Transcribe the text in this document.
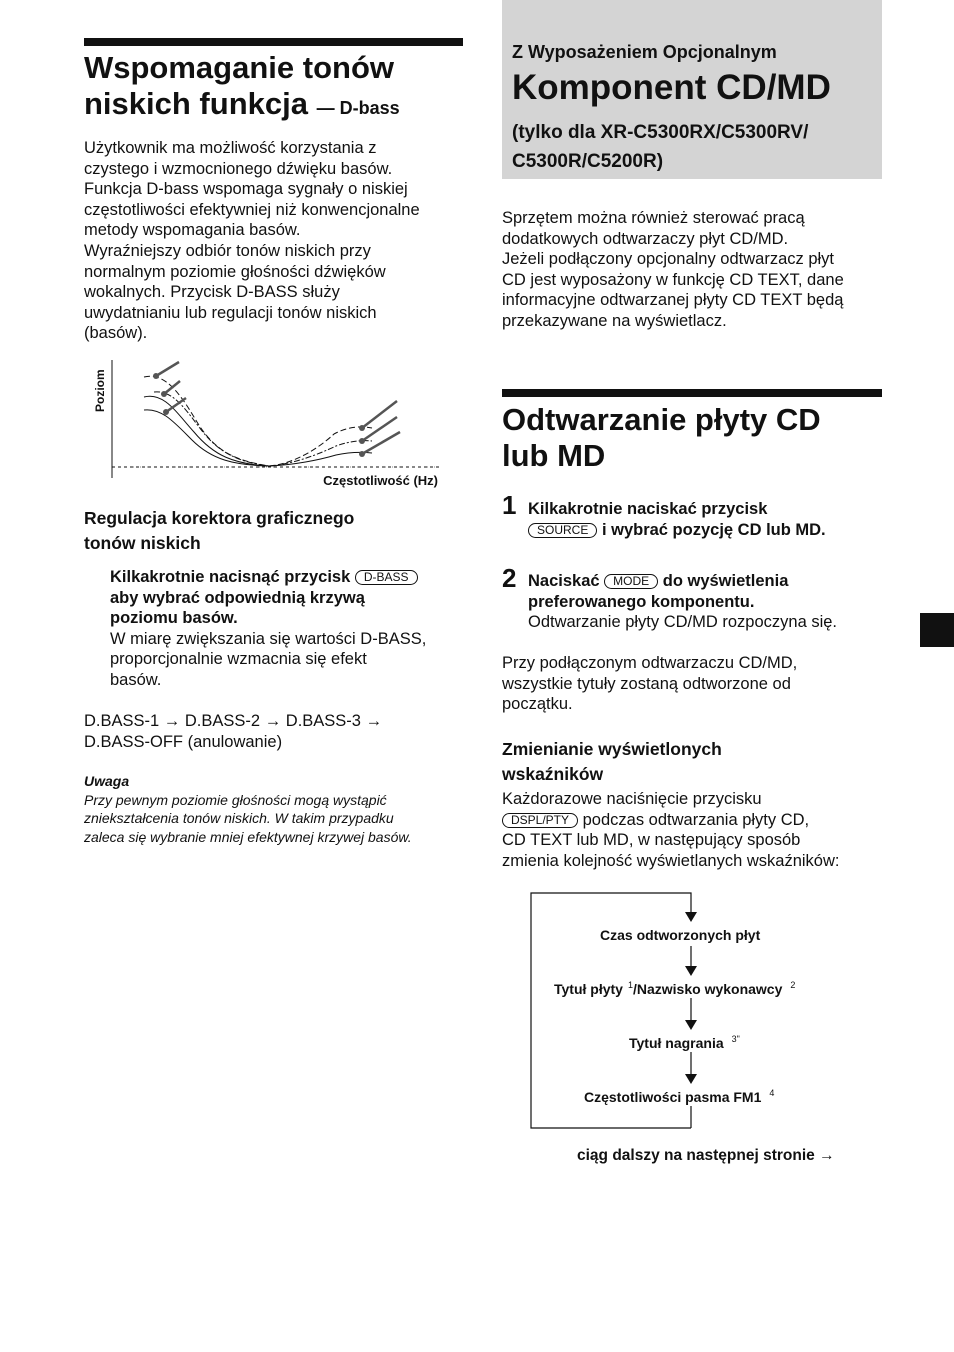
Wspomaganie tonów
niskich funkcja — D-bass
Użytkownik ma możliwość korzystania z
czystego i wzmocnionego dźwięku basów.
Funkcja D-bass wspomaga sygnały o niskiej
częstotliwości efektywniej niż konwencjonalne
metody wspomagania basów.
Wyraźniejszy odbiór tonów niskich przy
normalnym poziomie głośności dźwięków
wokalnych. Przycisk D-BASS służy
uwydatnianiu lub regulacji tonów niskich
(basów).
Poziom
Częstotliwość (Hz)
Regulacja korektora graficznego
tonów niskich
Kilkakrotnie nacisnąć przycisk D-BASS
aby wybrać odpowiednią krzywą
poziomu basów.
W miarę zwiększania się wartości D-BASS,
proporcjonalnie wzmacnia się efekt
basów.
D.BASS-1 → D.BASS-2 → D.BASS-3 →
D.BASS-OFF (anulowanie)
Uwaga
Przy pewnym poziomie głośności mogą wystąpić
zniekształcenia tonów niskich. W takim przypadku
zaleca się wybranie mniej efektywnej krzywej basów.
Z Wyposażeniem Opcjonalnym
Komponent CD/MD
(tylko dla XR-C5300RX/C5300RV/
C5300R/C5200R)
Sprzętem można również sterować pracą
dodatkowych odtwarzaczy płyt CD/MD.
Jeżeli podłączony opcjonalny odtwarzacz płyt
CD jest wyposażony w funkcję CD TEXT, dane
informacyjne odtwarzanej płyty CD TEXT będą
przekazywane na wyświetlacz.
Odtwarzanie płyty CD
lub MD
1 Kilkakrotnie naciskać przycisk
SOURCE i wybrać pozycję CD lub MD.
2 Naciskać MODE do wyświetlenia
preferowanego komponentu.
Odtwarzanie płyty CD/MD rozpoczyna się.
Przy podłączonym odtwarzaczu CD/MD,
wszystkie tytuły zostaną odtworzone od
początku.
Zmienianie wyświetlonych
wskaźników
Każdorazowe naciśnięcie przycisku
DSPL/PTY podczas odtwarzania płyty CD,
CD TEXT lub MD, w następujący sposób
zmienia kolejność wyświetlanych wskaźników:
Czas odtworzonych płyt
Tytuł płyty $^1$/Nazwisko wykonawcy $^2$
Tytuł nagrania $^{3"}$
Częstotliwości pasma FM1 $^4$
ciąg dalszy na następnej stronie →
